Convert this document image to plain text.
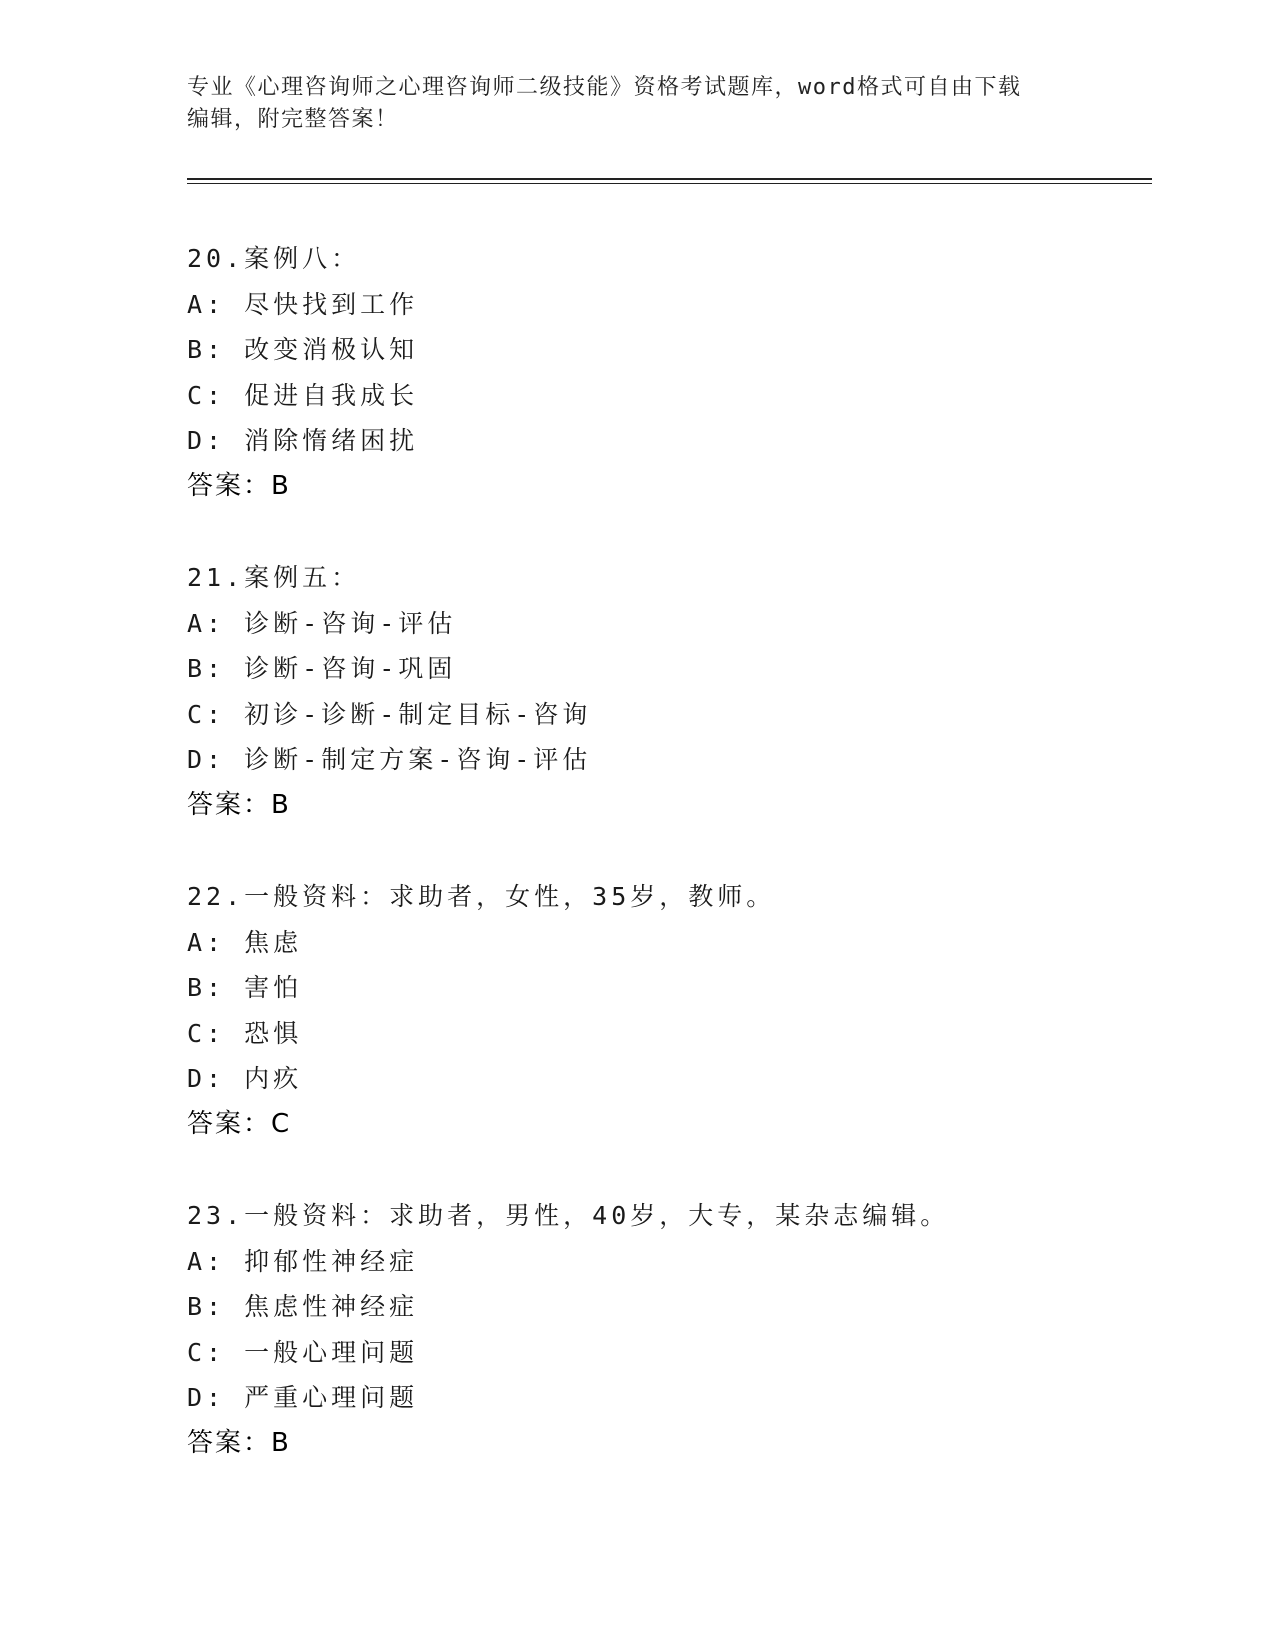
专业《心理咨询师之心理咨询师二级技能》资格考试题库，word格式可自由下载

编辑，附完整答案！

20.案例八：

A: 尽快找到工作

B: 改变消极认知

C: 促进自我成长

D: 消除惰绪困扰

答案：B

21.案例五：

A: 诊断-咨询-评估

B: 诊断-咨询-巩固

C: 初诊-诊断-制定目标-咨询

D: 诊断-制定方案-咨询-评估

答案：B

22.一般资料：求助者，女性，35岁，教师。

A: 焦虑

B: 害怕

C: 恐惧

D: 内疚

答案：C

23.一般资料：求助者，男性，40岁，大专，某杂志编辑。

A: 抑郁性神经症

B: 焦虑性神经症

C: 一般心理问题

D: 严重心理问题

答案：B
